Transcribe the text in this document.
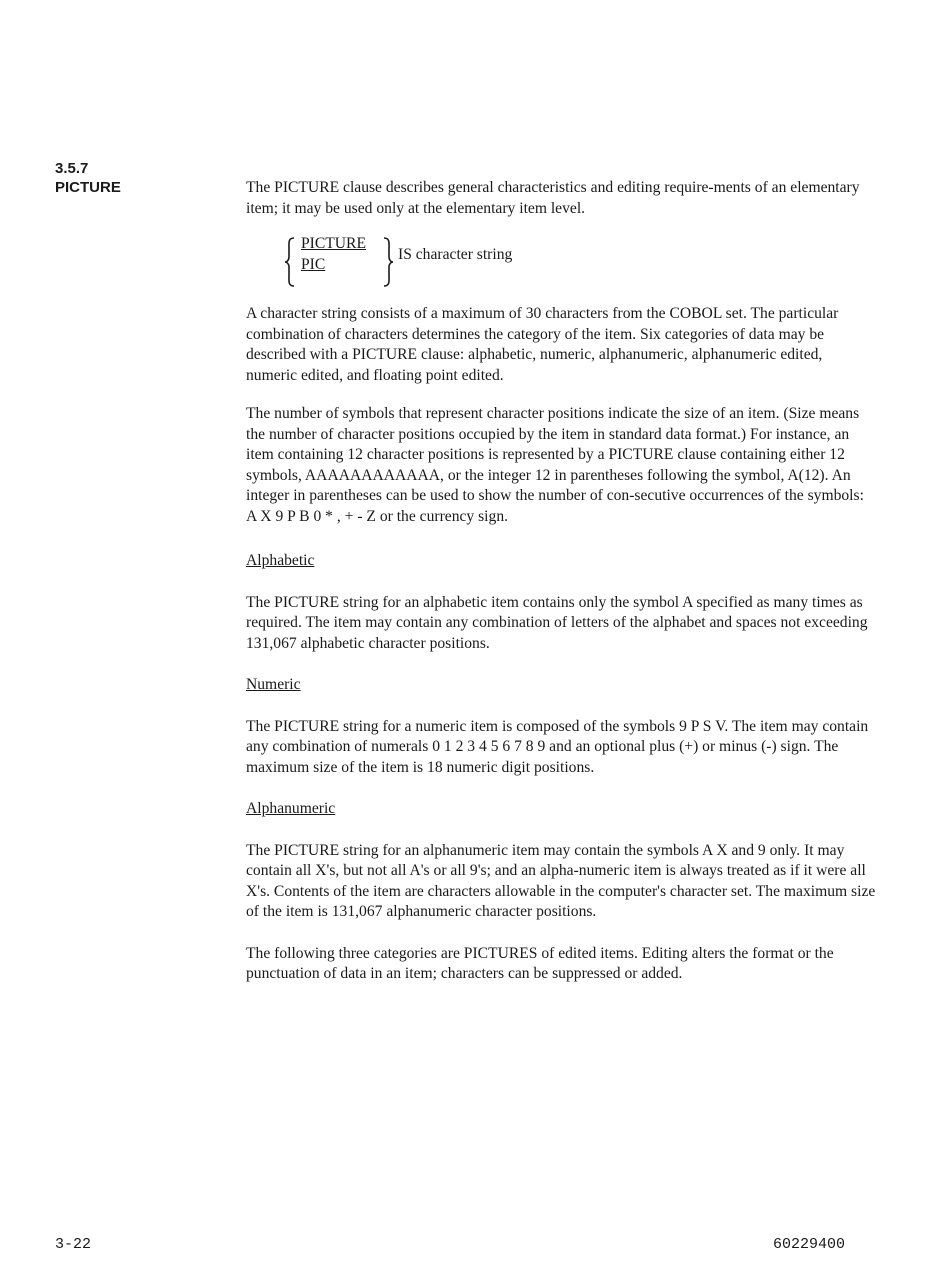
3.5.7
PICTURE	The PICTURE clause describes general characteristics and editing require-ments of an elementary item; it may be used only at the elementary item level.

PICTURE
PIC
IS character string

A character string consists of a maximum of 30 characters from the COBOL set. The particular combination of characters determines the category of the item. Six categories of data may be described with a PICTURE clause: alphabetic, numeric, alphanumeric, alphanumeric edited, numeric edited, and floating point edited.

The number of symbols that represent character positions indicate the size of an item. (Size means the number of character positions occupied by the item in standard data format.) For instance, an item containing 12 character positions is represented by a PICTURE clause containing either 12 symbols, AAAAAAAAAAAA, or the integer 12 in parentheses following the symbol, A(12). An integer in parentheses can be used to show the number of con-secutive occurrences of the symbols: A X 9 P B 0 * , + - Z or the currency sign.

Alphabetic

The PICTURE string for an alphabetic item contains only the symbol A specified as many times as required. The item may contain any combination of letters of the alphabet and spaces not exceeding 131,067 alphabetic character positions.

Numeric

The PICTURE string for a numeric item is composed of the symbols 9 P S V. The item may contain any combination of numerals 0 1 2 3 4 5 6 7 8 9 and an optional plus (+) or minus (-) sign. The maximum size of the item is 18 numeric digit positions.

Alphanumeric

The PICTURE string for an alphanumeric item may contain the symbols A X and 9 only. It may contain all X's, but not all A's or all 9's; and an alpha-numeric item is always treated as if it were all X's. Contents of the item are characters allowable in the computer's character set. The maximum size of the item is 131,067 alphanumeric character positions.

The following three categories are PICTURES of edited items. Editing alters the format or the punctuation of data in an item; characters can be suppressed or added.

3-22	60229400
